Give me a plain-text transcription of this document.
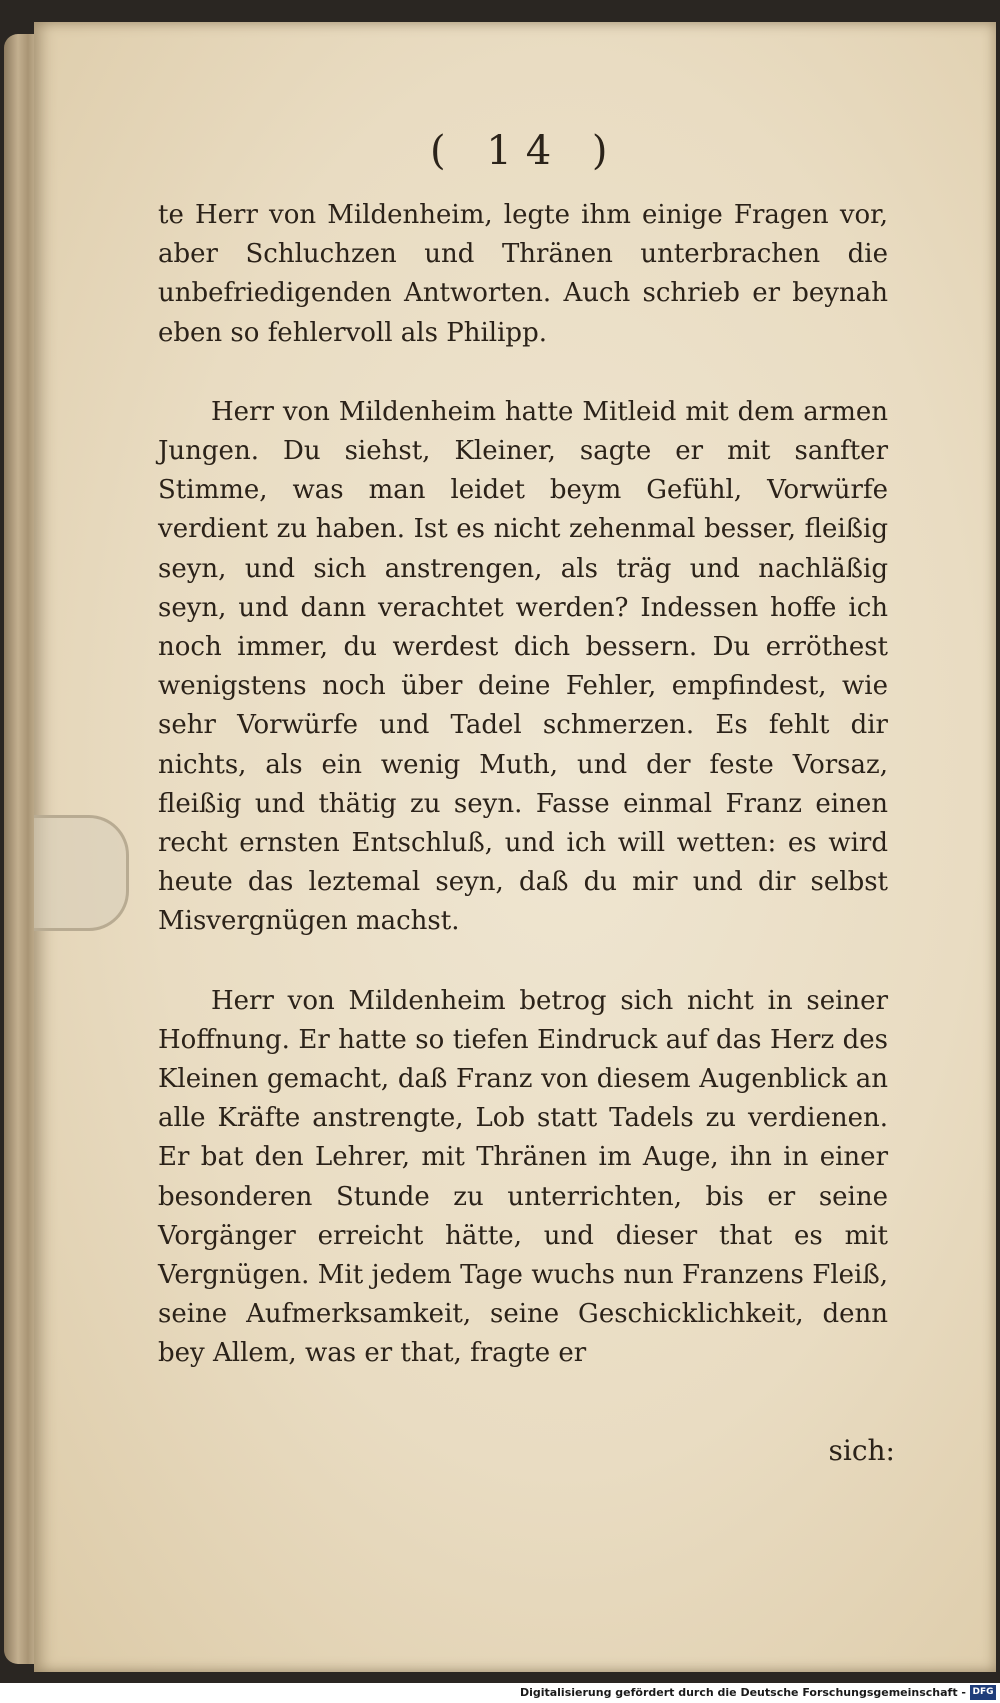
( 14 )

te Herr von Mildenheim, legte ihm einige Fragen vor, aber Schluchzen und Thränen unterbrachen die unbefriedigenden Antworten. Auch schrieb er beynah eben so fehlervoll als Philipp.

Herr von Mildenheim hatte Mitleid mit dem armen Jungen. Du siehst, Kleiner, sagte er mit sanfter Stimme, was man leidet beym Gefühl, Vorwürfe verdient zu haben. Ist es nicht zehenmal besser, fleißig seyn, und sich anstrengen, als träg und nachläßig seyn, und dann verachtet werden? Indessen hoffe ich noch immer, du werdest dich bessern. Du erröthest wenigstens noch über deine Fehler, empfindest, wie sehr Vorwürfe und Tadel schmerzen. Es fehlt dir nichts, als ein wenig Muth, und der feste Vorsaz, fleißig und thätig zu seyn. Fasse einmal Franz einen recht ernsten Entschluß, und ich will wetten: es wird heute das leztemal seyn, daß du mir und dir selbst Misvergnügen machst.

Herr von Mildenheim betrog sich nicht in seiner Hoffnung. Er hatte so tiefen Eindruck auf das Herz des Kleinen gemacht, daß Franz von diesem Augenblick an alle Kräfte anstrengte, Lob statt Tadels zu verdienen. Er bat den Lehrer, mit Thränen im Auge, ihn in einer besonderen Stunde zu unterrichten, bis er seine Vorgänger erreicht hätte, und dieser that es mit Vergnügen. Mit jedem Tage wuchs nun Franzens Fleiß, seine Aufmerksamkeit, seine Geschicklichkeit, denn bey Allem, was er that, fragte er

sich:
Digitalisierung gefördert durch die Deutsche Forschungsgemeinschaft - DFG
